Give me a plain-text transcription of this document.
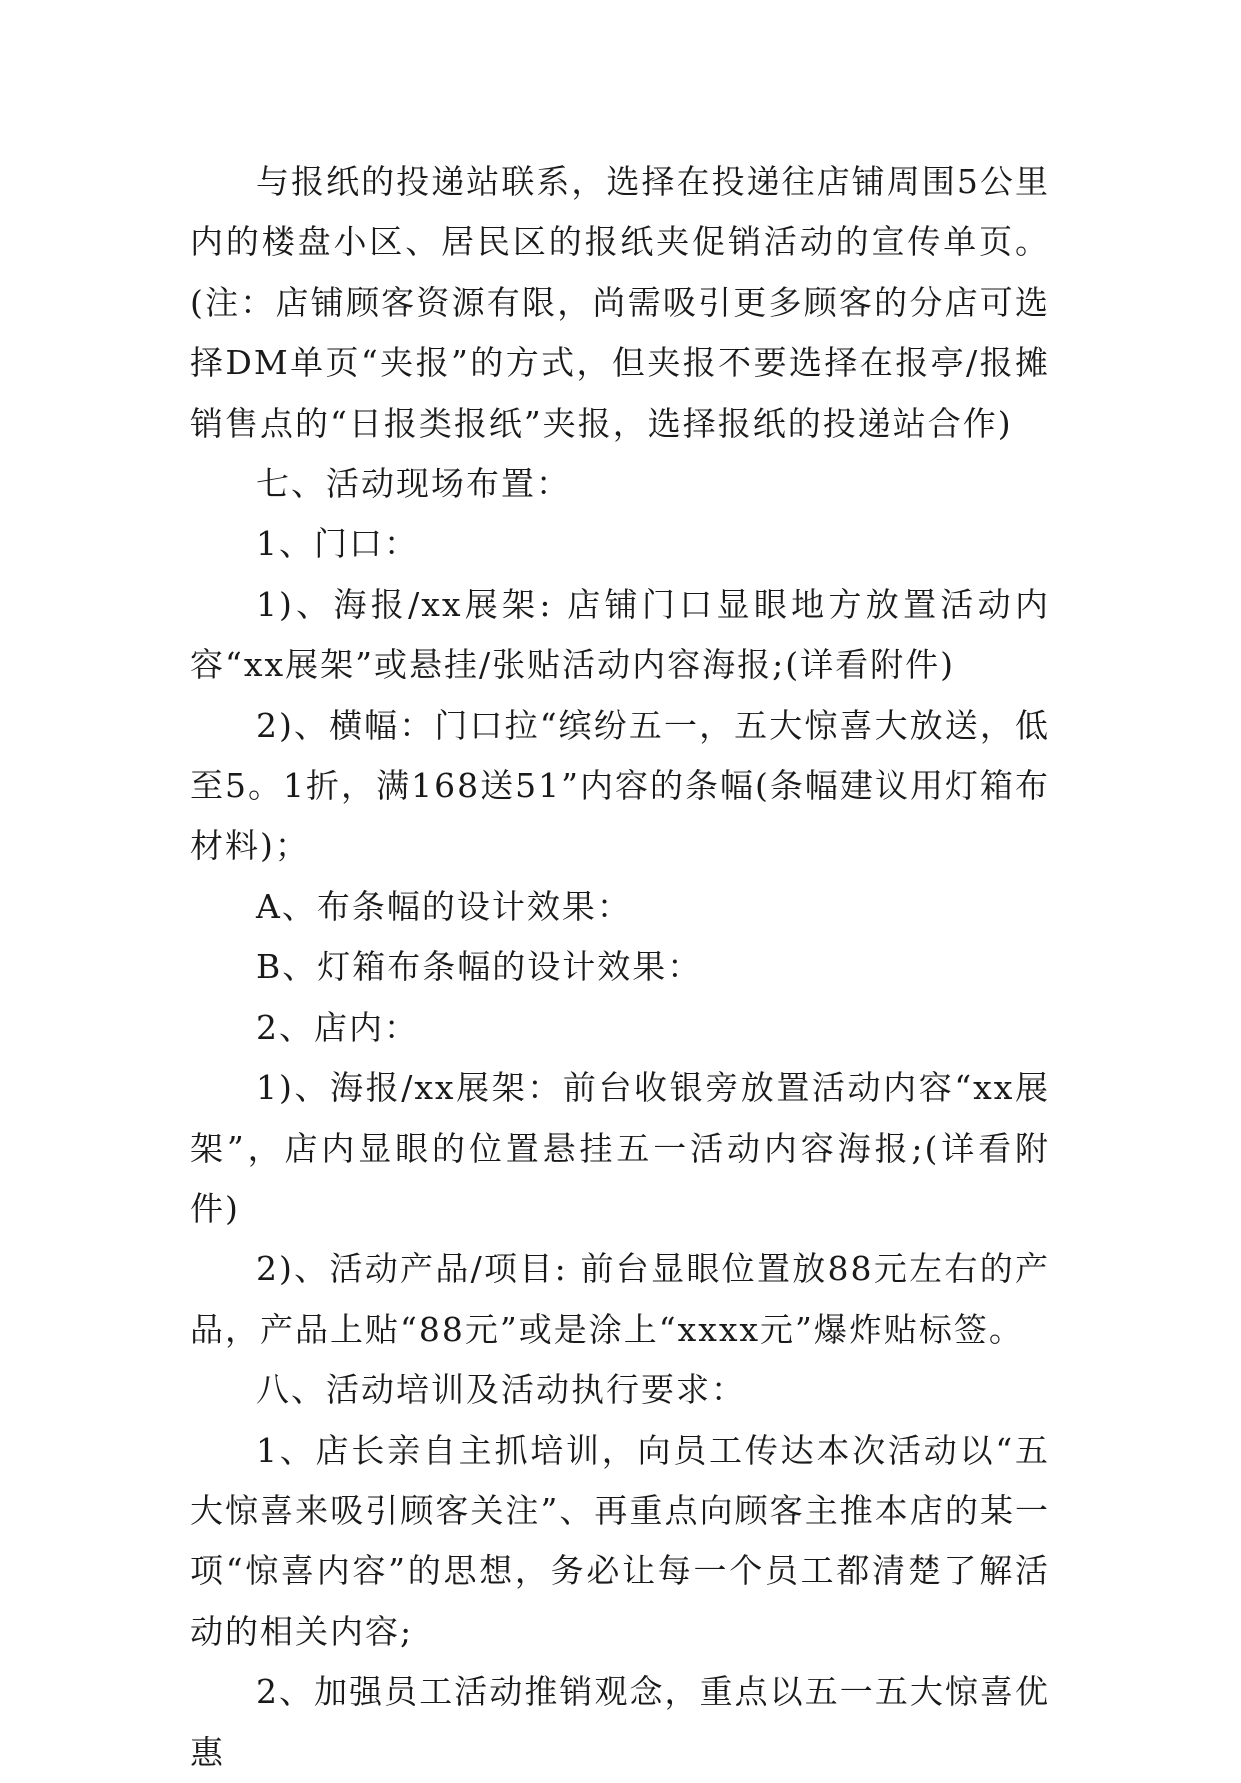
与报纸的投递站联系，选择在投递往店铺周围5公里内的楼盘小区、居民区的报纸夹促销活动的宣传单页。(注：店铺顾客资源有限，尚需吸引更多顾客的分店可选择DM单页“夹报”的方式，但夹报不要选择在报亭/报摊销售点的“日报类报纸”夹报，选择报纸的投递站合作)

七、活动现场布置：

1、门口：

1)、海报/xx展架: 店铺门口显眼地方放置活动内容“xx展架”或悬挂/张贴活动内容海报;(详看附件)

2)、横幅：门口拉“缤纷五一，五大惊喜大放送，低至5。1折，满168送51”内容的条幅(条幅建议用灯箱布材料)；

A、布条幅的设计效果：

B、灯箱布条幅的设计效果：

2、店内：

1)、海报/xx展架：前台收银旁放置活动内容“xx展架”，店内显眼的位置悬挂五一活动内容海报;(详看附件)

2)、活动产品/项目: 前台显眼位置放88元左右的产品，产品上贴“88元”或是涂上“xxxx元”爆炸贴标签。

八、活动培训及活动执行要求：

1、店长亲自主抓培训，向员工传达本次活动以“五大惊喜来吸引顾客关注”、再重点向顾客主推本店的某一项“惊喜内容”的思想，务必让每一个员工都清楚了解活动的相关内容;

2、加强员工活动推销观念，重点以五一五大惊喜优惠
